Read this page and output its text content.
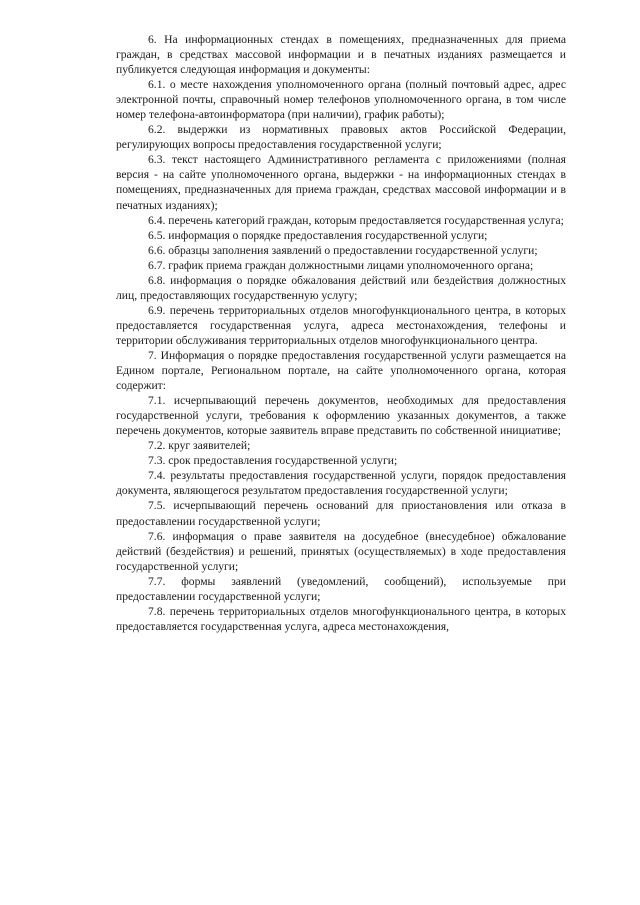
6. На информационных стендах в помещениях, предназначенных для приема граждан, в средствах массовой информации и в печатных изданиях размещается и публикуется следующая информация и документы:

6.1. о месте нахождения уполномоченного органа (полный почтовый адрес, адрес электронной почты, справочный номер телефонов уполномоченного органа, в том числе номер телефона-автоинформатора (при наличии), график работы);

6.2. выдержки из нормативных правовых актов Российской Федерации, регулирующих вопросы предоставления государственной услуги;

6.3. текст настоящего Административного регламента с приложениями (полная версия - на сайте уполномоченного органа, выдержки - на информационных стендах в помещениях, предназначенных для приема граждан, средствах массовой информации и в печатных изданиях);

6.4. перечень категорий граждан, которым предоставляется государственная услуга;

6.5. информация о порядке предоставления государственной услуги;

6.6. образцы заполнения заявлений о предоставлении государственной услуги;

6.7. график приема граждан должностными лицами уполномоченного органа;

6.8. информация о порядке обжалования действий или бездействия должностных лиц, предоставляющих государственную услугу;

6.9. перечень территориальных отделов многофункционального центра, в которых предоставляется государственная услуга, адреса местонахождения, телефоны и территории обслуживания территориальных отделов многофункционального центра.

7. Информация о порядке предоставления государственной услуги размещается на Едином портале, Региональном портале, на сайте уполномоченного органа, которая содержит:

7.1. исчерпывающий перечень документов, необходимых для предоставления государственной услуги, требования к оформлению указанных документов, а также перечень документов, которые заявитель вправе представить по собственной инициативе;

7.2. круг заявителей;

7.3. срок предоставления государственной услуги;

7.4. результаты предоставления государственной услуги, порядок предоставления документа, являющегося результатом предоставления государственной услуги;

7.5. исчерпывающий перечень оснований для приостановления или отказа в предоставлении государственной услуги;

7.6. информация о праве заявителя на досудебное (внесудебное) обжалование действий (бездействия) и решений, принятых (осуществляемых) в ходе предоставления государственной услуги;

7.7. формы заявлений (уведомлений, сообщений), используемые при предоставлении государственной услуги;

7.8. перечень территориальных отделов многофункционального центра, в которых предоставляется государственная услуга, адреса местонахождения,
